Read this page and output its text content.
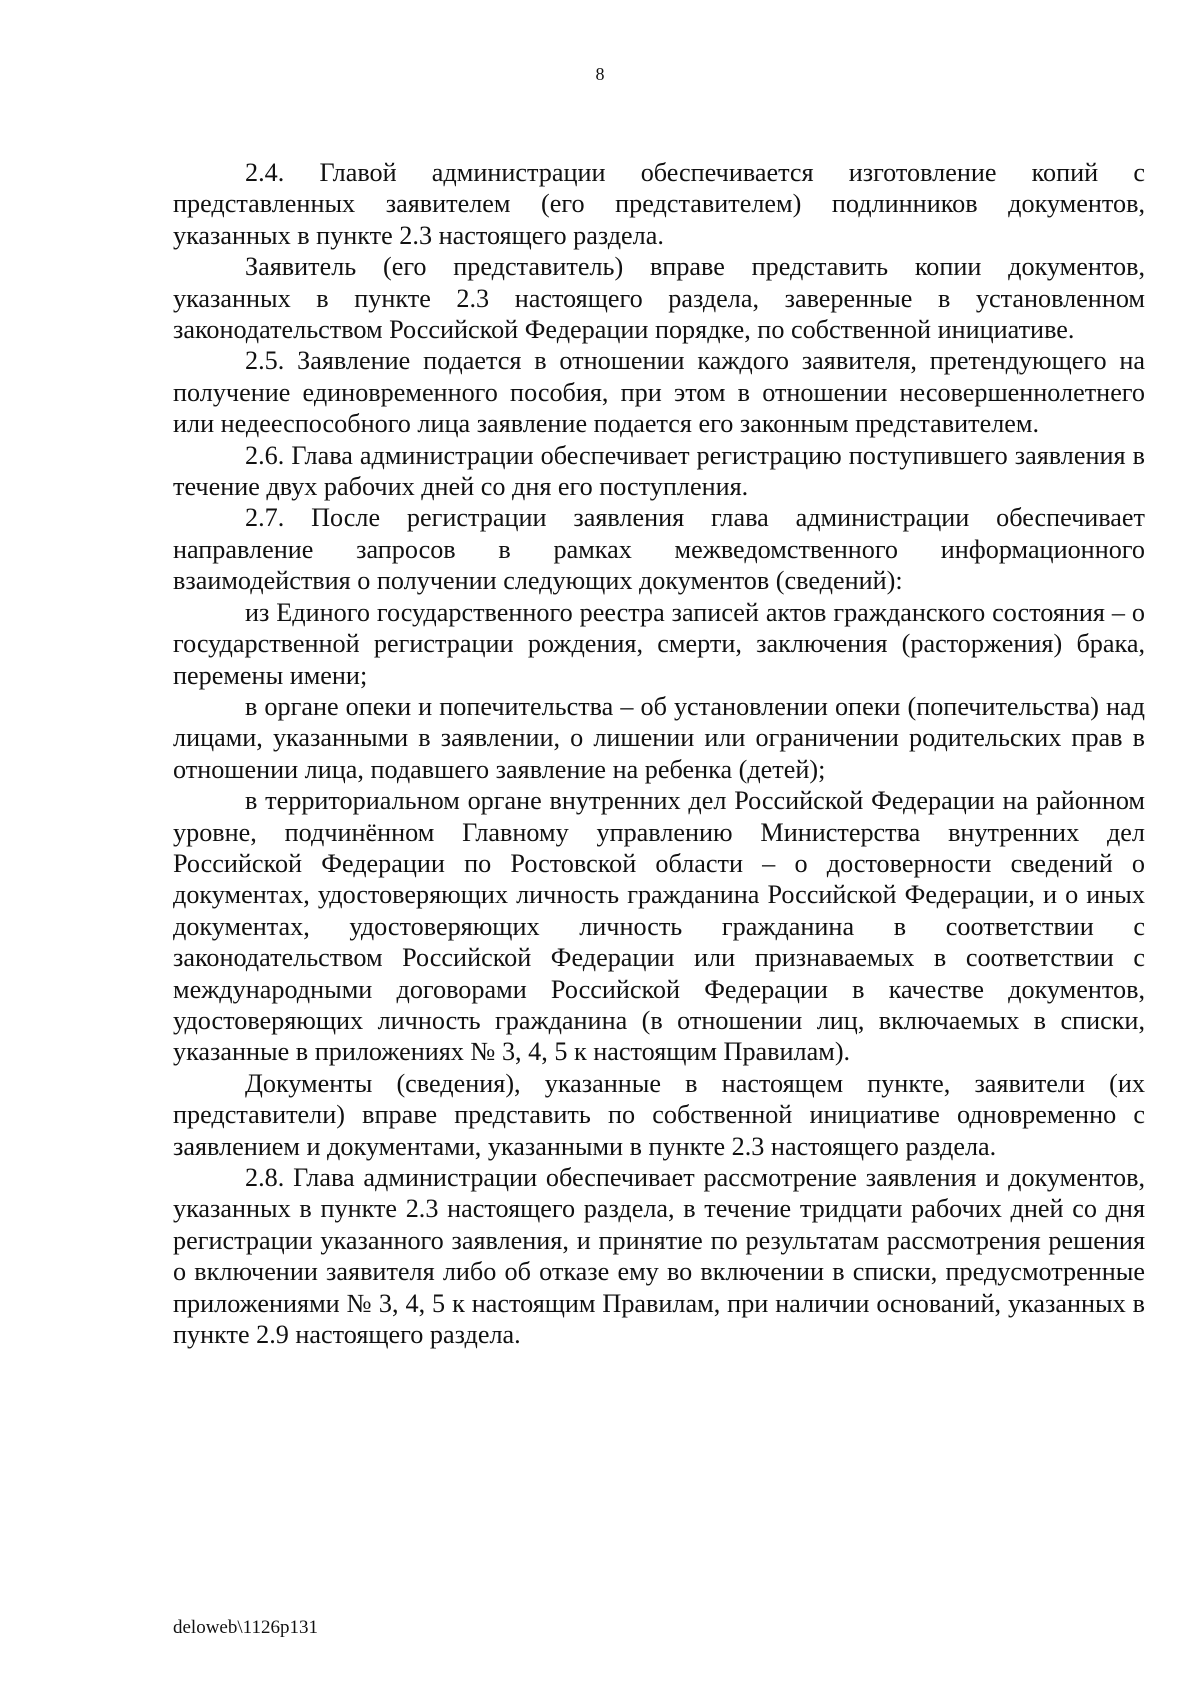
8

2.4. Главой администрации обеспечивается изготовление копий с представленных заявителем (его представителем) подлинников документов, указанных в пункте 2.3 настоящего раздела.

Заявитель (его представитель) вправе представить копии документов, указанных в пункте 2.3 настоящего раздела, заверенные в установленном законодательством Российской Федерации порядке, по собственной инициативе.

2.5. Заявление подается в отношении каждого заявителя, претендующего на получение единовременного пособия, при этом в отношении несовершеннолетнего или недееспособного лица заявление подается его законным представителем.

2.6. Глава администрации обеспечивает регистрацию поступившего заявления в течение двух рабочих дней со дня его поступления.

2.7. После регистрации заявления глава администрации обеспечивает направление запросов в рамках межведомственного информационного взаимодействия о получении следующих документов (сведений):

из Единого государственного реестра записей актов гражданского состояния – о государственной регистрации рождения, смерти, заключения (расторжения) брака, перемены имени;

в органе опеки и попечительства – об установлении опеки (попечительства) над лицами, указанными в заявлении, о лишении или ограничении родительских прав в отношении лица, подавшего заявление на ребенка (детей);

в территориальном органе внутренних дел Российской Федерации на районном уровне, подчинённом Главному управлению Министерства внутренних дел Российской Федерации по Ростовской области – о достоверности сведений о документах, удостоверяющих личность гражданина Российской Федерации, и о иных документах, удостоверяющих личность гражданина в соответствии с законодательством Российской Федерации или признаваемых в соответствии с международными договорами Российской Федерации в качестве документов, удостоверяющих личность гражданина (в отношении лиц, включаемых в списки, указанные в приложениях № 3, 4, 5 к настоящим Правилам).

Документы (сведения), указанные в настоящем пункте, заявители (их представители) вправе представить по собственной инициативе одновременно с заявлением и документами, указанными в пункте 2.3 настоящего раздела.

2.8. Глава администрации обеспечивает рассмотрение заявления и документов, указанных в пункте 2.3 настоящего раздела, в течение тридцати рабочих дней со дня регистрации указанного заявления, и принятие по результатам рассмотрения решения о включении заявителя либо об отказе ему во включении в списки, предусмотренные приложениями № 3, 4, 5 к настоящим Правилам, при наличии оснований, указанных в пункте 2.9 настоящего раздела.

deloweb\1126p131
